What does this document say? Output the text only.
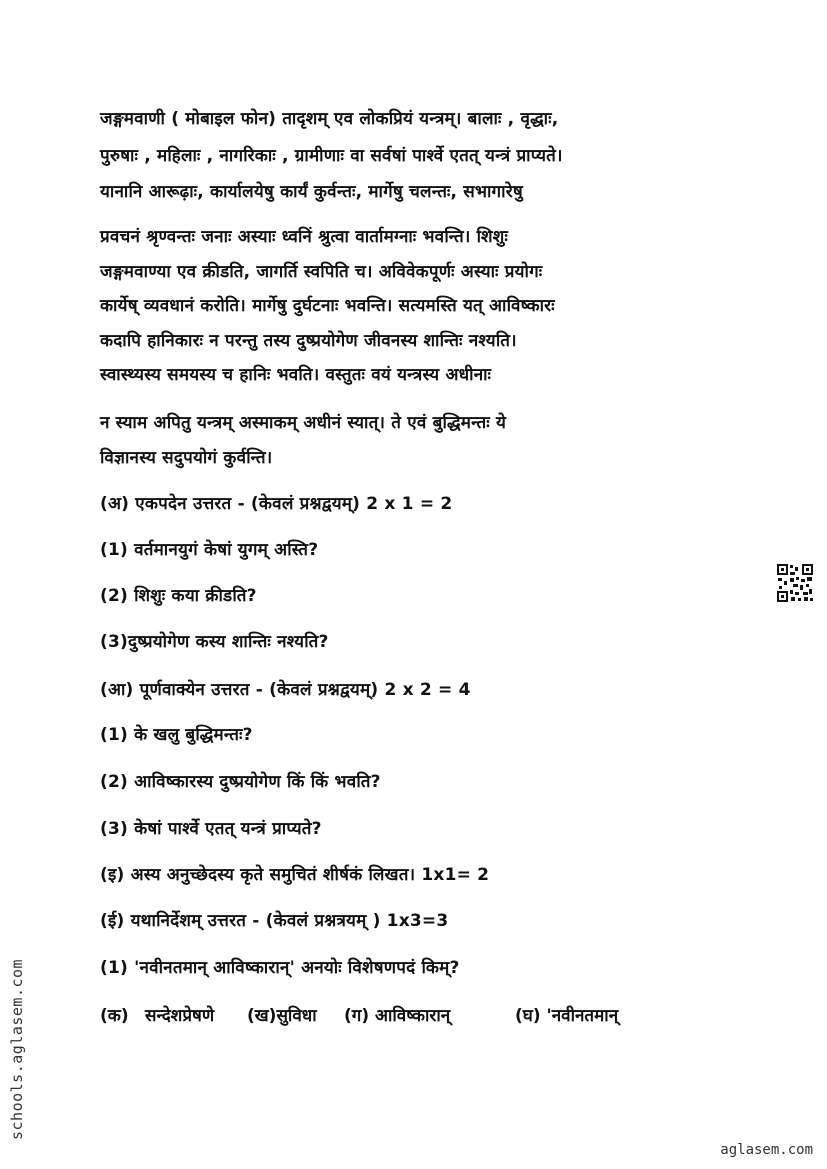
जङ्गमवाणी ( मोबाइल फोन) तादृशम् एव लोकप्रियं यन्त्रम्। बालाः , वृद्धाः,
पुरुषाः , महिलाः , नागरिकाः , ग्रामीणाः वा सर्वषां पार्श्वे एतत् यन्त्रं प्राप्यते।
यानानि आरूढ़ाः, कार्यालयेषु कार्यं कुर्वन्तः, मार्गेषु चलन्तः, सभागारेषु
प्रवचनं श्रृण्वन्तः जनाः अस्याः ध्वनिं श्रुत्वा वार्तामग्नाः भवन्ति। शिशुः
जङ्गमवाण्या एव क्रीडति, जागर्ति स्वपिति च। अविवेकपूर्णः अस्याः प्रयोगः
कार्येष् व्यवधानं करोति। मार्गेषु दुर्घटनाः भवन्ति। सत्यमस्ति यत् आविष्कारः
कदापि हानिकारः न परन्तु तस्य दुष्प्रयोगेण जीवनस्य शान्तिः नश्यति।
स्वास्थ्यस्य समयस्य च हानिः भवति। वस्तुतः वयं यन्त्रस्य अधीनाः
न स्याम अपितु यन्त्रम् अस्माकम् अधीनं स्यात्। ते एवं बुद्धिमन्तः ये
विज्ञानस्य सदुपयोगं कुर्वन्ति।
(अ) एकपदेन उत्तरत - (केवलं प्रश्नद्वयम्) 2 x 1 = 2
(1) वर्तमानयुगं केषां युगम् अस्ति?
(2) शिशुः कया क्रीडति?
(3)दुष्प्रयोगेण कस्य शान्तिः नश्यति?
(आ) पूर्णवाक्येन उत्तरत - (केवलं प्रश्नद्वयम्) 2 x 2 = 4
(1) के खलु बुद्धिमन्तः?
(2) आविष्कारस्य दुष्प्रयोगेण किं किं भवति?
(3) केषां पार्श्वे एतत् यन्त्रं प्राप्यते?
(इ) अस्य अनुच्छेदस्य कृते समुचितं शीर्षकं लिखत। 1x1= 2
(ई) यथानिर्देशम् उत्तरत - (केवलं प्रश्नत्रयम् ) 1x3=3
(1) 'नवीनतमान् आविष्कारान्' अनयोः विशेषणपदं किम्?
(क) सन्देशप्रेषणे (ख)सुविधा (ग) आविष्कारान्	(घ) 'नवीनतमान्
schools.aglasem.com
aglasem.com
